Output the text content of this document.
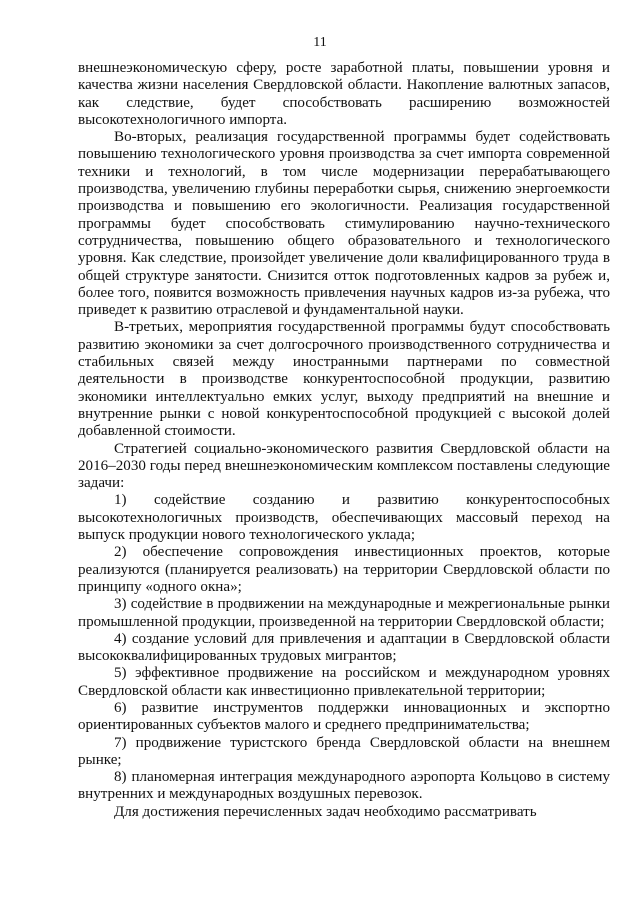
11

внешнеэкономическую сферу, росте заработной платы, повышении уровня и качества жизни населения Свердловской области. Накопление валютных запасов, как следствие, будет способствовать расширению возможностей высокотехнологичного импорта.

Во-вторых, реализация государственной программы будет содействовать повышению технологического уровня производства за счет импорта современной техники и технологий, в том числе модернизации перерабатывающего производства, увеличению глубины переработки сырья, снижению энергоемкости производства и повышению его экологичности. Реализация государственной программы будет способствовать стимулированию научно-технического сотрудничества, повышению общего образовательного и технологического уровня. Как следствие, произойдет увеличение доли квалифицированного труда в общей структуре занятости. Снизится отток подготовленных кадров за рубеж и, более того, появится возможность привлечения научных кадров из-за рубежа, что приведет к развитию отраслевой и фундаментальной науки.

В-третьих, мероприятия государственной программы будут способствовать развитию экономики за счет долгосрочного производственного сотрудничества и стабильных связей между иностранными партнерами по совместной деятельности в производстве конкурентоспособной продукции, развитию экономики интеллектуально емких услуг, выходу предприятий на внешние и внутренние рынки с новой конкурентоспособной продукцией с высокой долей добавленной стоимости.

Стратегией социально-экономического развития Свердловской области на 2016–2030 годы перед внешнеэкономическим комплексом поставлены следующие задачи:

1) содействие созданию и развитию конкурентоспособных высокотехнологичных производств, обеспечивающих массовый переход на выпуск продукции нового технологического уклада;

2) обеспечение сопровождения инвестиционных проектов, которые реализуются (планируется реализовать) на территории Свердловской области по принципу «одного окна»;

3) содействие в продвижении на международные и межрегиональные рынки промышленной продукции, произведенной на территории Свердловской области;

4) создание условий для привлечения и адаптации в Свердловской области высококвалифицированных трудовых мигрантов;

5) эффективное продвижение на российском и международном уровнях Свердловской области как инвестиционно привлекательной территории;

6) развитие инструментов поддержки инновационных и экспортно ориентированных субъектов малого и среднего предпринимательства;

7) продвижение туристского бренда Свердловской области на внешнем рынке;

8) планомерная интеграция международного аэропорта Кольцово в систему внутренних и международных воздушных перевозок.

Для достижения перечисленных задач необходимо рассматривать
